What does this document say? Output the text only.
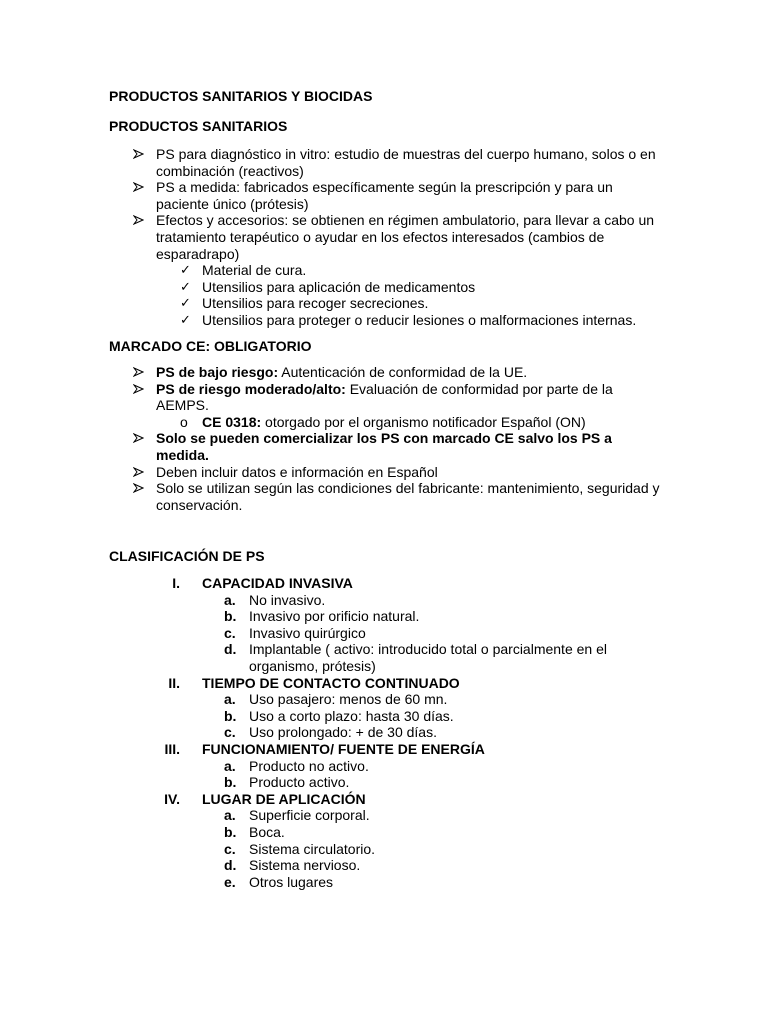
PRODUCTOS SANITARIOS Y BIOCIDAS
PRODUCTOS SANITARIOS
PS para diagnóstico in vitro: estudio de muestras del cuerpo humano, solos o en combinación (reactivos)
PS a medida: fabricados específicamente según la prescripción y para un paciente único (prótesis)
Efectos y accesorios: se obtienen en régimen ambulatorio, para llevar a cabo un tratamiento terapéutico o ayudar en los efectos interesados (cambios de esparadrapo)
✓ Material de cura.
✓ Utensilios para aplicación de medicamentos
✓ Utensilios para recoger secreciones.
✓ Utensilios para proteger o reducir lesiones o malformaciones internas.
MARCADO CE: OBLIGATORIO
PS de bajo riesgo: Autenticación de conformidad de la UE.
PS de riesgo moderado/alto: Evaluación de conformidad por parte de la AEMPS.
o CE 0318: otorgado por el organismo notificador Español (ON)
Solo se pueden comercializar los PS con marcado CE salvo los PS a medida.
Deben incluir datos e información en Español
Solo se utilizan según las condiciones del fabricante: mantenimiento, seguridad y conservación.
CLASIFICACIÓN DE PS
I. CAPACIDAD INVASIVA
a. No invasivo.
b. Invasivo por orificio natural.
c. Invasivo quirúrgico
d. Implantable ( activo: introducido total o parcialmente en el organismo, prótesis)
II. TIEMPO DE CONTACTO CONTINUADO
a. Uso pasajero: menos de 60 mn.
b. Uso a corto plazo: hasta 30 días.
c. Uso prolongado: + de 30 días.
III. FUNCIONAMIENTO/ FUENTE DE ENERGÍA
a. Producto no activo.
b. Producto activo.
IV. LUGAR DE APLICACIÓN
a. Superficie corporal.
b. Boca.
c. Sistema circulatorio.
d. Sistema nervioso.
e. Otros lugares
